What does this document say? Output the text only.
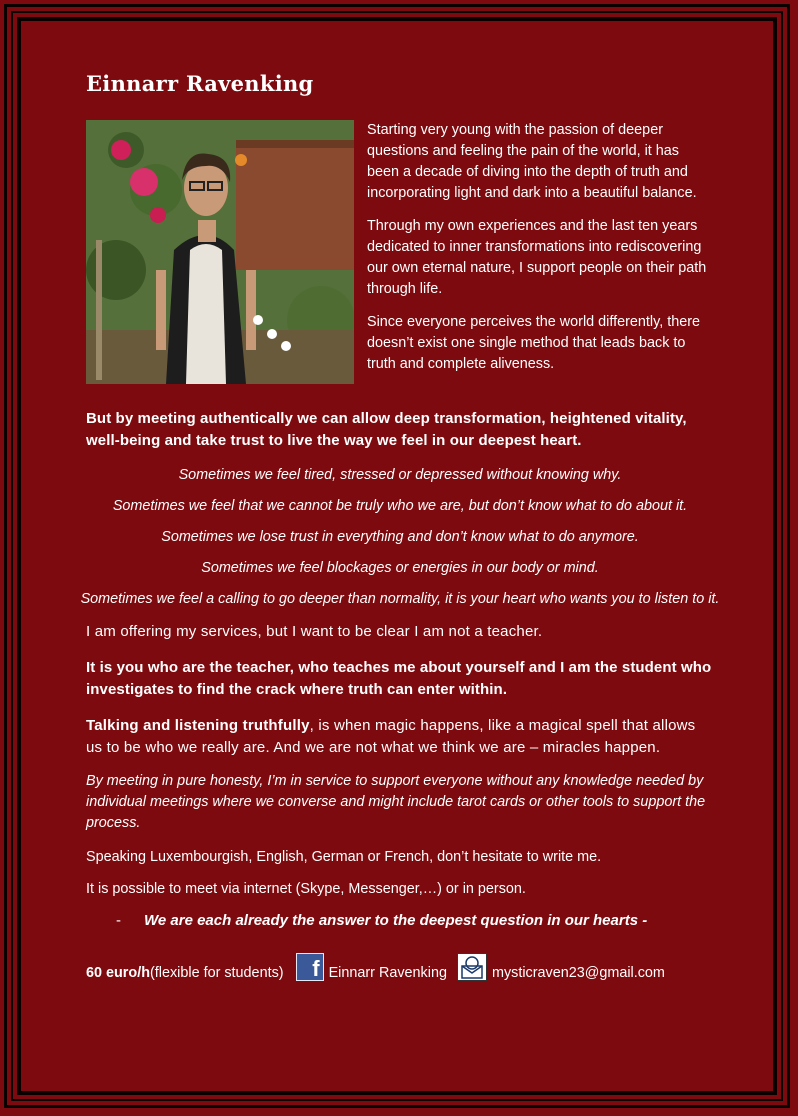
Einnarr Ravenking

Starting very young with the passion of deeper questions and feeling the pain of the world, it has been a decade of diving into the depth of truth and incorporating light and dark into a beautiful balance.

Through my own experiences and the last ten years dedicated to inner transformations into rediscovering our own eternal nature, I support people on their path through life.

Since everyone perceives the world differently, there doesn’t exist one single method that leads back to truth and complete aliveness.

But by meeting authentically we can allow deep transformation, heightened vitality, well-being and take trust to live the way we feel in our deepest heart.

Sometimes we feel tired, stressed or depressed without knowing why.

Sometimes we feel that we cannot be truly who we are, but don’t know what to do about it.

Sometimes we lose trust in everything and don’t know what to do anymore.

Sometimes we feel blockages or energies in our body or mind.

Sometimes we feel a calling to go deeper than normality, it is your heart who wants you to listen to it.

I am offering my services, but I want to be clear I am not a teacher.

It is you who are the teacher, who teaches me about yourself and I am the student who investigates to find the crack where truth can enter within.

Talking and listening truthfully, is when magic happens, like a magical spell that allows us to be who we really are. And we are not what we think we are – miracles happen.

By meeting in pure honesty, I’m in service to support everyone without any knowledge needed by individual meetings where we converse and might include tarot cards or other tools to support the process.

Speaking Luxembourgish, English, German or French, don’t hesitate to write me.

It is possible to meet via internet (Skype, Messenger,…) or in person.

-	We are each already the answer to the deepest question in our hearts -
60 euro/h (flexible for students) f Einnarr Ravenking	mysticraven23@gmail.com
